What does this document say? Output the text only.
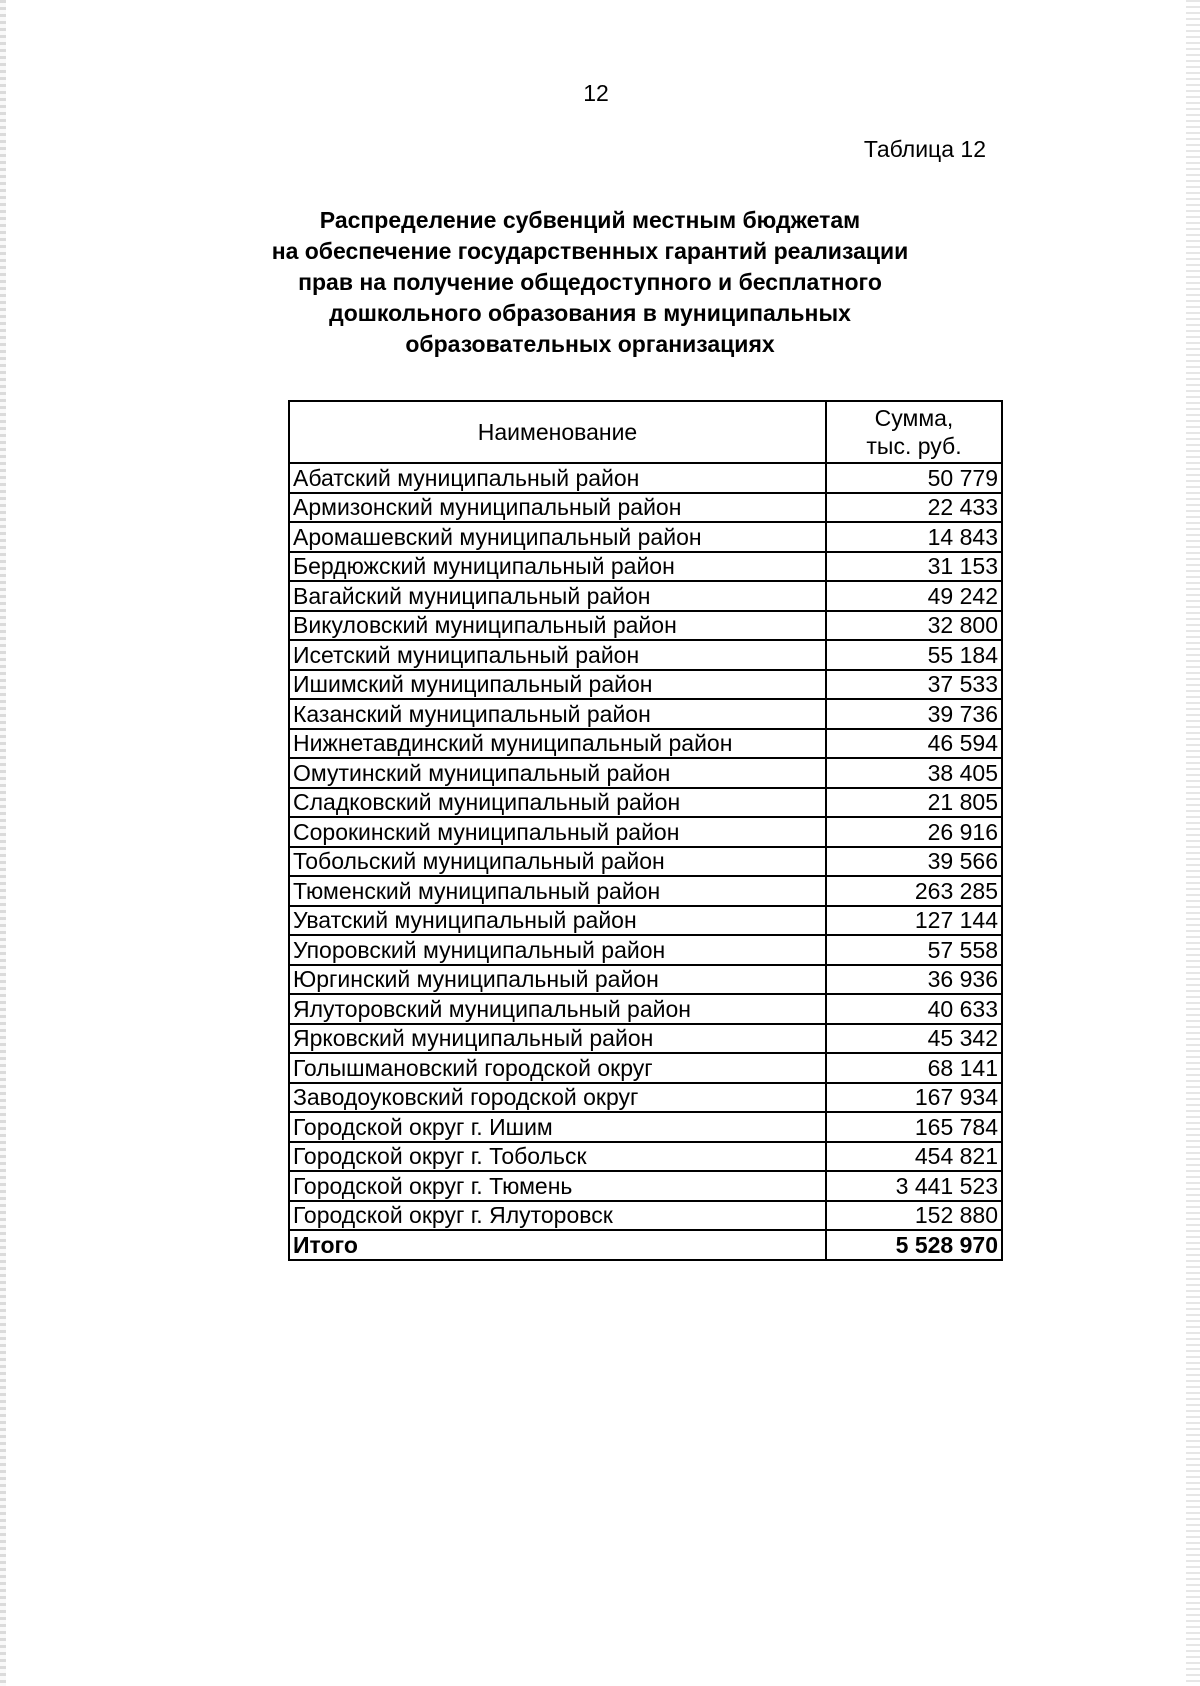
12
Таблица 12
Распределение субвенций местным бюджетам
на обеспечение государственных гарантий реализации
прав на получение общедоступного и бесплатного
дошкольного образования в муниципальных
образовательных организациях
Наименование	Сумма,
тыс. руб.

Абатский муниципальный район	50 779
Армизонский муниципальный район	22 433
Аромашевский муниципальный район	14 843
Бердюжский муниципальный район	31 153
Вагайский муниципальный район	49 242
Викуловский муниципальный район	32 800
Исетский муниципальный район	55 184
Ишимский муниципальный район	37 533
Казанский муниципальный район	39 736
Нижнетавдинский муниципальный район	46 594
Омутинский муниципальный район	38 405
Сладковский муниципальный район	21 805
Сорокинский муниципальный район	26 916
Тобольский муниципальный район	39 566
Тюменский муниципальный район	263 285
Уватский муниципальный район	127 144
Упоровский муниципальный район	57 558
Юргинский муниципальный район	36 936
Ялуторовский муниципальный район	40 633
Ярковский муниципальный район	45 342
Голышмановский городской округ	68 141
Заводоуковский городской округ	167 934
Городской округ г. Ишим	165 784
Городской округ г. Тобольск	454 821
Городской округ г. Тюмень	3 441 523
Городской округ г. Ялуторовск	152 880
Итого	5 528 970
